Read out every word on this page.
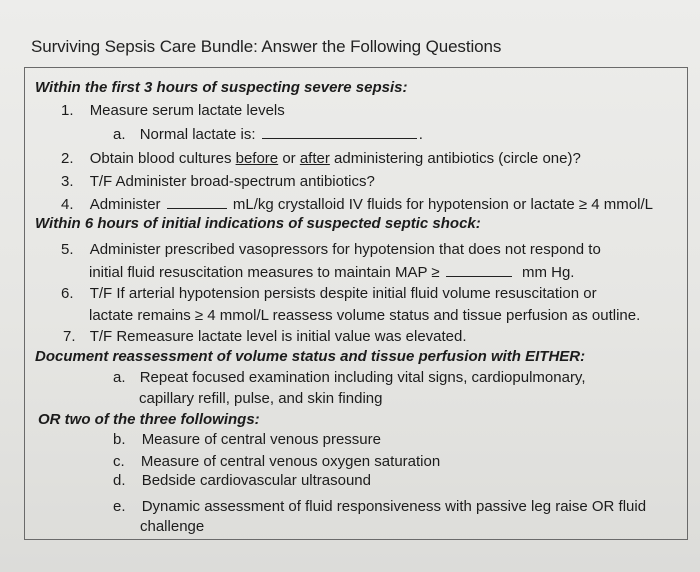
Surviving Sepsis Care Bundle: Answer the Following Questions
Within the first 3 hours of suspecting severe sepsis:
1. Measure serum lactate levels
a. Normal lactate is:	.
2. Obtain blood cultures before or after administering antibiotics (circle one)?
3. T/F Administer broad-spectrum antibiotics?
4. Administer	mL/kg crystalloid IV fluids for hypotension or lactate ≥ 4 mmol/L
Within 6 hours of initial indications of suspected septic shock:
5. Administer prescribed vasopressors for hypotension that does not respond to
initial fluid resuscitation measures to maintain MAP ≥	mm Hg.
6. T/F If arterial hypotension persists despite initial fluid volume resuscitation or
lactate remains ≥ 4 mmol/L reassess volume status and tissue perfusion as outline.
7. T/F Remeasure lactate level is initial value was elevated.
Document reassessment of volume status and tissue perfusion with EITHER:
a. Repeat focused examination including vital signs, cardiopulmonary,
capillary refill, pulse, and skin finding
OR two of the three followings:
b. Measure of central venous pressure
c. Measure of central venous oxygen saturation
d. Bedside cardiovascular ultrasound
e. Dynamic assessment of fluid responsiveness with passive leg raise OR fluid
challenge
